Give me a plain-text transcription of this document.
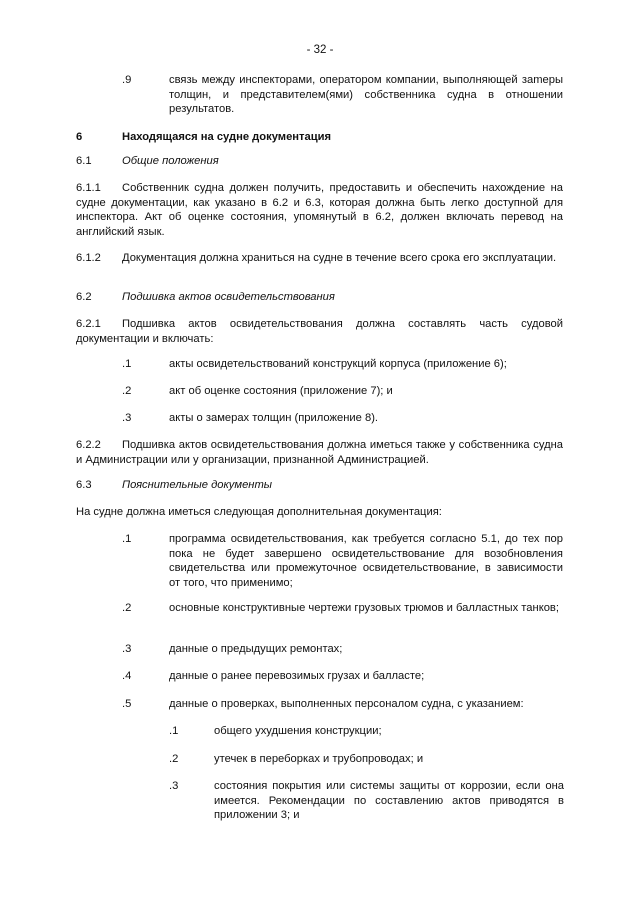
- 32 -
.9	связь между инспекторами, оператором компании, выполняющей заmеры толщин, и представителем(ями) собственника судна в отношении результатов.
6	Находящаяся на судне документация
6.1	Общие положения
6.1.1	Собственник судна должен получить, предоставить и обеспечить нахождение на судне документации, как указано в 6.2 и 6.3, которая должна быть легко доступной для инспектора. Акт об оценке состояния, упомянутый в 6.2, должен включать перевод на английский язык.
6.1.2	Документация должна храниться на судне в течение всего срока его эксплуатации.
6.2	Подшивка актов освидетельствования
6.2.1	Подшивка актов освидетельствования должна составлять часть судовой документации и включать:
.1	акты освидетельствований конструкций корпуса (приложение 6);
.2	акт об оценке состояния (приложение 7); и
.3	акты о замерах толщин (приложение 8).
6.2.2	Подшивка актов освидетельствования должна иметься также у собственника судна и Администрации или у организации, признанной Администрацией.
6.3	Пояснительные документы
На судне должна иметься следующая дополнительная документация:
.1	программа освидетельствования, как требуется согласно 5.1, до тех пор пока не будет завершено освидетельствование для возобновления свидетельства или промежуточное освидетельствование, в зависимости от того, что применимо;
.2	основные конструктивные чертежи грузовых трюмов и балластных танков;
.3	данные о предыдущих ремонтах;
.4	данные о ранее перевозимых грузах и балласте;
.5	данные о проверках, выполненных персоналом судна, с указанием:
.1	общего ухудшения конструкции;
.2	утечек в переборках и трубопроводах; и
.3	состояния покрытия или системы защиты от коррозии, если она имеется. Рекомендации по составлению актов приводятся в приложении 3; и
